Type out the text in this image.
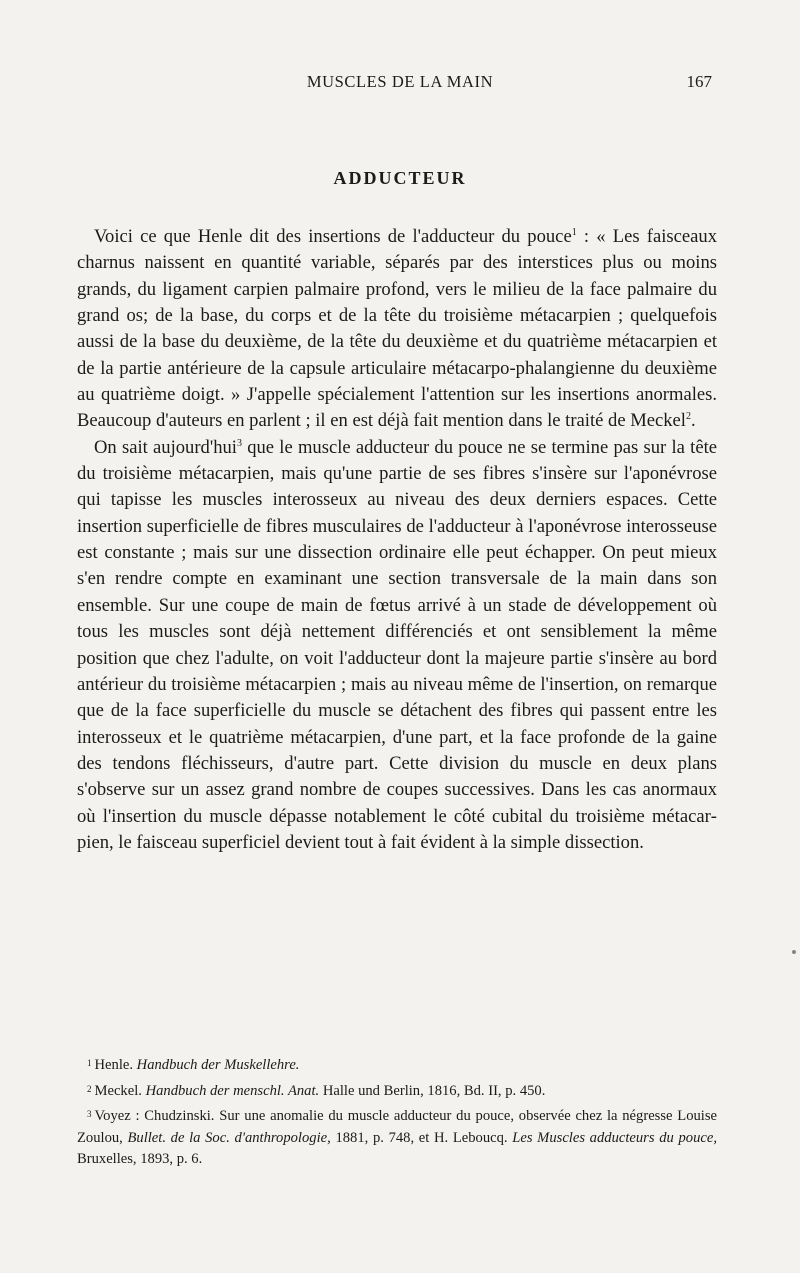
MUSCLES DE LA MAIN	167
ADDUCTEUR

Voici ce que Henle dit des insertions de l'adducteur du pouce$^1$ : « Les faisceaux charnus naissent en quantité variable, séparés par des interstices plus ou moins grands, du ligament carpien palmaire profond, vers le milieu de la face palmaire du grand os; de la base, du corps et de la tête du troisième métacarpien ; quelquefois aussi de la base du deuxième, de la tête du deuxième et du quatrième métacarpien et de la partie antérieure de la capsule articulaire métacarpo-phalangienne du deuxième au quatrième doigt. » J'appelle spécialement l'attention sur les insertions anormales. Beaucoup d'auteurs en parlent ; il en est déjà fait mention dans le traité de Meckel$^2$.

On sait aujourd'hui$^3$ que le muscle adducteur du pouce ne se termine pas sur la tête du troisième métacarpien, mais qu'une partie de ses fibres s'insère sur l'aponévrose qui tapisse les muscles interosseux au niveau des deux derniers espaces. Cette insertion superficielle de fibres musculaires de l'adducteur à l'aponévrose interosseuse est constante ; mais sur une dissection ordinaire elle peut échapper. On peut mieux s'en rendre compte en examinant une section transversale de la main dans son ensemble. Sur une coupe de main de fœtus arrivé à un stade de développement où tous les muscles sont déjà nettement différenciés et ont sensiblement la même position que chez l'adulte, on voit l'adducteur dont la majeure partie s'insère au bord antérieur du troisième métacarpien ; mais au niveau même de l'insertion, on remarque que de la face superficielle du muscle se détachent des fibres qui passent entre les interosseux et le quatrième métacarpien, d'une part, et la face profonde de la gaine des tendons fléchisseurs, d'autre part. Cette division du muscle en deux plans s'observe sur un assez grand nombre de coupes successives. Dans les cas anormaux où l'insertion du muscle dépasse notablement le côté cubital du troisième métacarpien, le faisceau superficiel devient tout à fait évident à la simple dissection.

$^1$ Henle. Handbuch der Muskellehre.

$^2$ Meckel. Handbuch der menschl. Anat. Halle und Berlin, 1816, Bd. II, p. 450.

$^3$ Voyez : Chudzinski. Sur une anomalie du muscle adducteur du pouce, observée chez la négresse Louise Zoulou, Bullet. de la Soc. d'anthropologie, 1881, p. 748, et H. Leboucq. Les Muscles adducteurs du pouce, Bruxelles, 1893, p. 6.
